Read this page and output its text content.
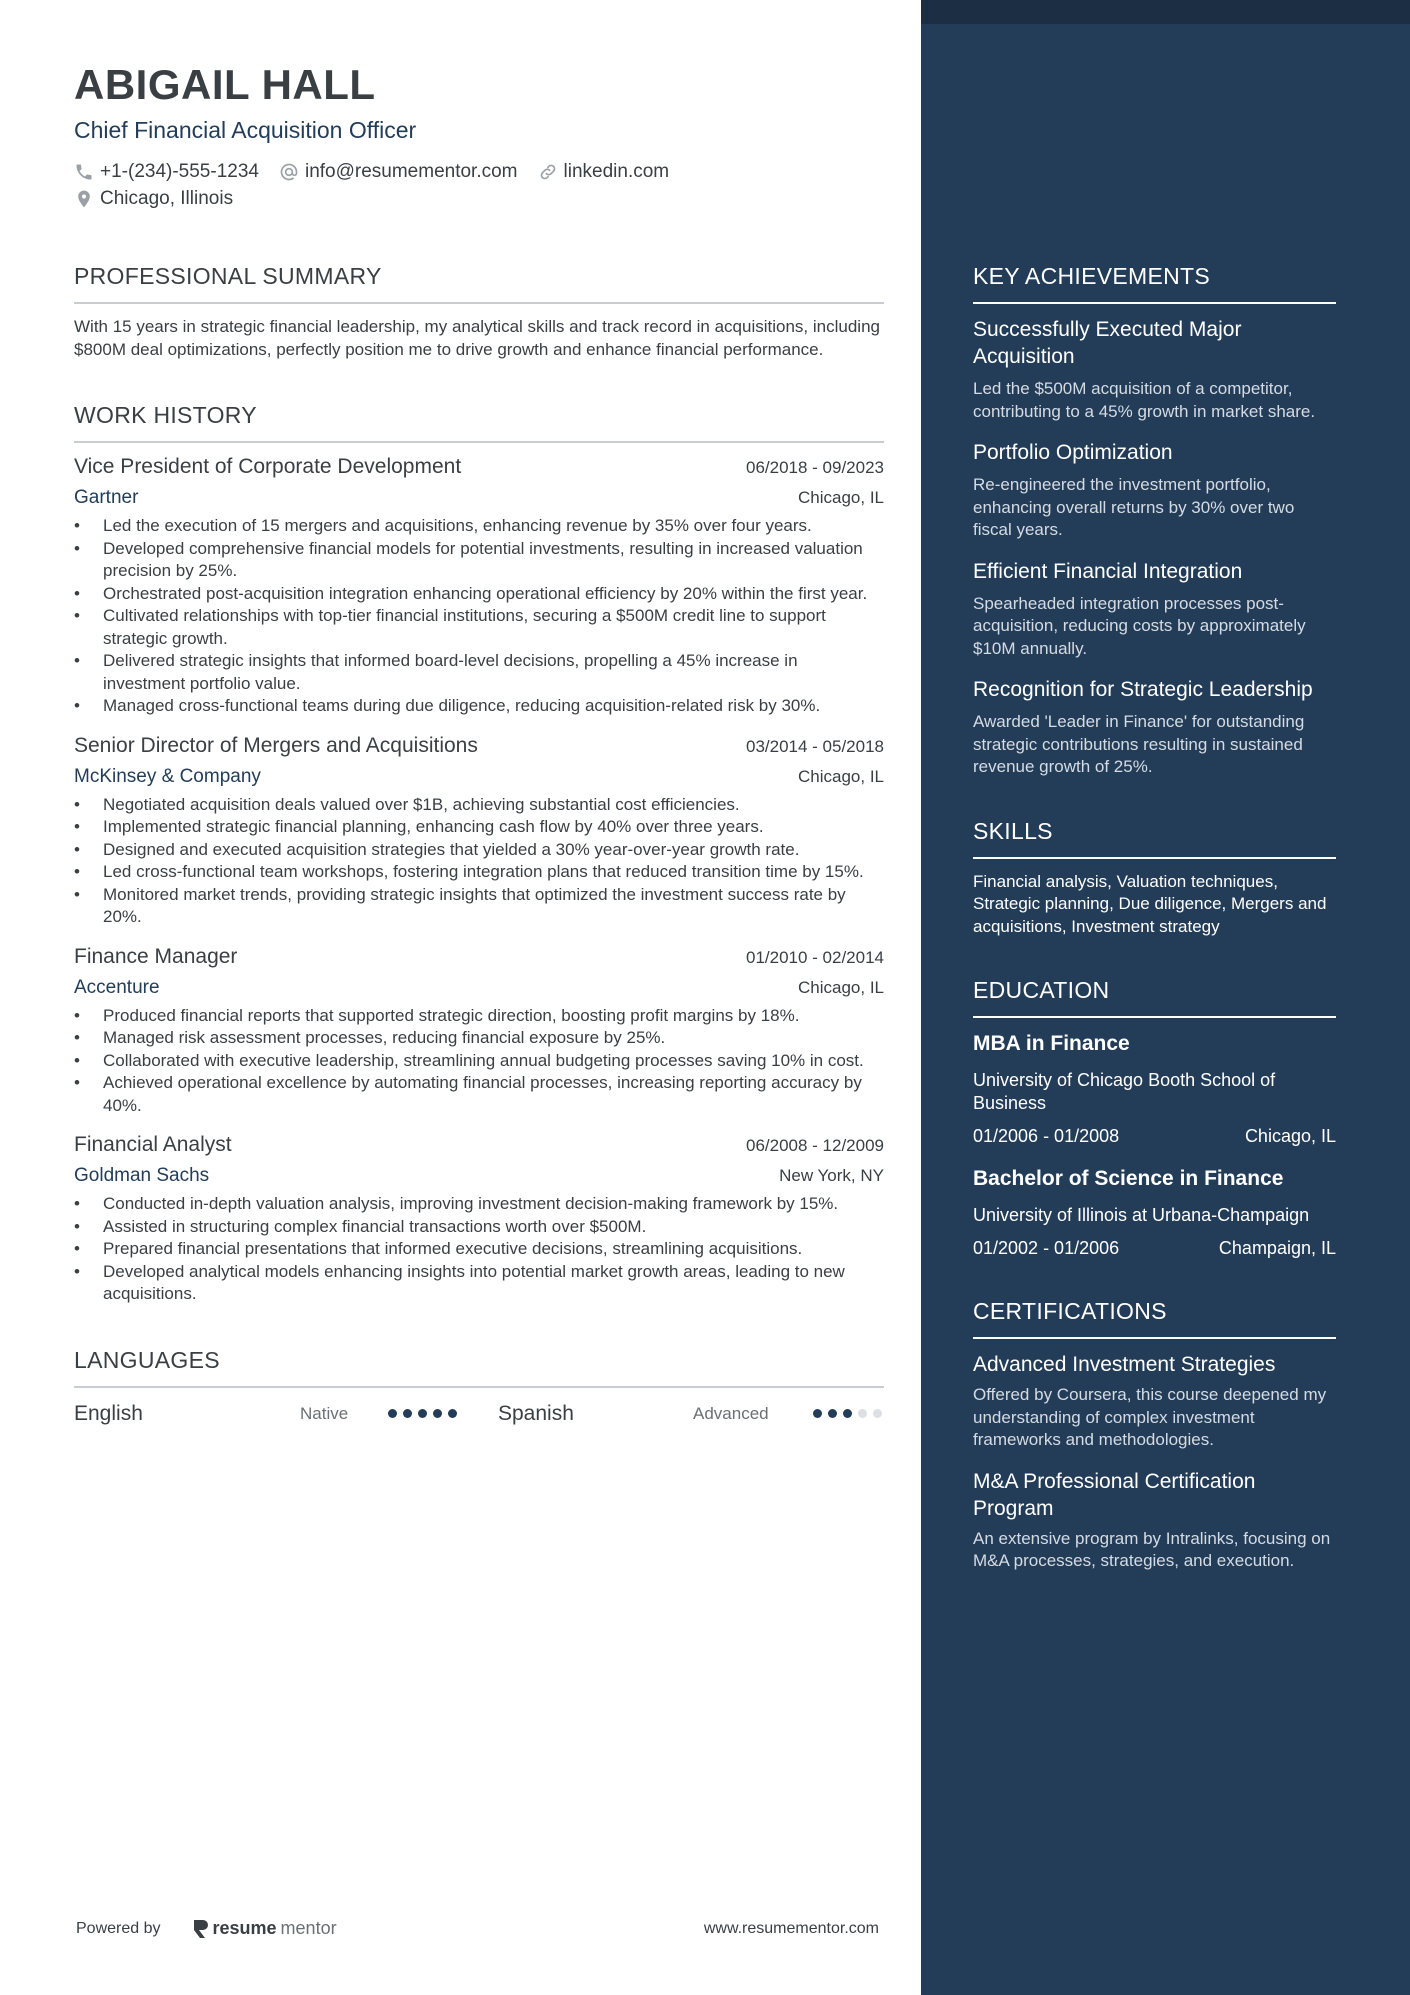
ABIGAIL HALL
Chief Financial Acquisition Officer
+1-(234)-555-1234 info@resumementor.com linkedin.com
Chicago, Illinois
PROFESSIONAL SUMMARY
With 15 years in strategic financial leadership, my analytical skills and track record in acquisitions, including $800M deal optimizations, perfectly position me to drive growth and enhance financial performance.
WORK HISTORY
Vice President of Corporate Development	06/2018 - 09/2023
Gartner	Chicago, IL
• Led the execution of 15 mergers and acquisitions, enhancing revenue by 35% over four years.
• Developed comprehensive financial models for potential investments, resulting in increased valuation precision by 25%.
• Orchestrated post-acquisition integration enhancing operational efficiency by 20% within the first year.
• Cultivated relationships with top-tier financial institutions, securing a $500M credit line to support strategic growth.
• Delivered strategic insights that informed board-level decisions, propelling a 45% increase in investment portfolio value.
• Managed cross-functional teams during due diligence, reducing acquisition-related risk by 30%.
Senior Director of Mergers and Acquisitions	03/2014 - 05/2018
McKinsey & Company	Chicago, IL
• Negotiated acquisition deals valued over $1B, achieving substantial cost efficiencies.
• Implemented strategic financial planning, enhancing cash flow by 40% over three years.
• Designed and executed acquisition strategies that yielded a 30% year-over-year growth rate.
• Led cross-functional team workshops, fostering integration plans that reduced transition time by 15%.
• Monitored market trends, providing strategic insights that optimized the investment success rate by 20%.
Finance Manager	01/2010 - 02/2014
Accenture	Chicago, IL
• Produced financial reports that supported strategic direction, boosting profit margins by 18%.
• Managed risk assessment processes, reducing financial exposure by 25%.
• Collaborated with executive leadership, streamlining annual budgeting processes saving 10% in cost.
• Achieved operational excellence by automating financial processes, increasing reporting accuracy by 40%.
Financial Analyst	06/2008 - 12/2009
Goldman Sachs	New York, NY
• Conducted in-depth valuation analysis, improving investment decision-making framework by 15%.
• Assisted in structuring complex financial transactions worth over $500M.
• Prepared financial presentations that informed executive decisions, streamlining acquisitions.
• Developed analytical models enhancing insights into potential market growth areas, leading to new acquisitions.
LANGUAGES
English	Native	Spanish	Advanced
Powered by	resume mentor	www.resumementor.com
KEY ACHIEVEMENTS
Successfully Executed Major Acquisition
Led the $500M acquisition of a competitor, contributing to a 45% growth in market share.
Portfolio Optimization
Re-engineered the investment portfolio, enhancing overall returns by 30% over two fiscal years.
Efficient Financial Integration
Spearheaded integration processes post-acquisition, reducing costs by approximately $10M annually.
Recognition for Strategic Leadership
Awarded 'Leader in Finance' for outstanding strategic contributions resulting in sustained revenue growth of 25%.
SKILLS
Financial analysis, Valuation techniques, Strategic planning, Due diligence, Mergers and acquisitions, Investment strategy
EDUCATION
MBA in Finance
University of Chicago Booth School of Business
01/2006 - 01/2008	Chicago, IL
Bachelor of Science in Finance
University of Illinois at Urbana-Champaign
01/2002 - 01/2006	Champaign, IL
CERTIFICATIONS
Advanced Investment Strategies
Offered by Coursera, this course deepened my understanding of complex investment frameworks and methodologies.
M&A Professional Certification Program
An extensive program by Intralinks, focusing on M&A processes, strategies, and execution.
